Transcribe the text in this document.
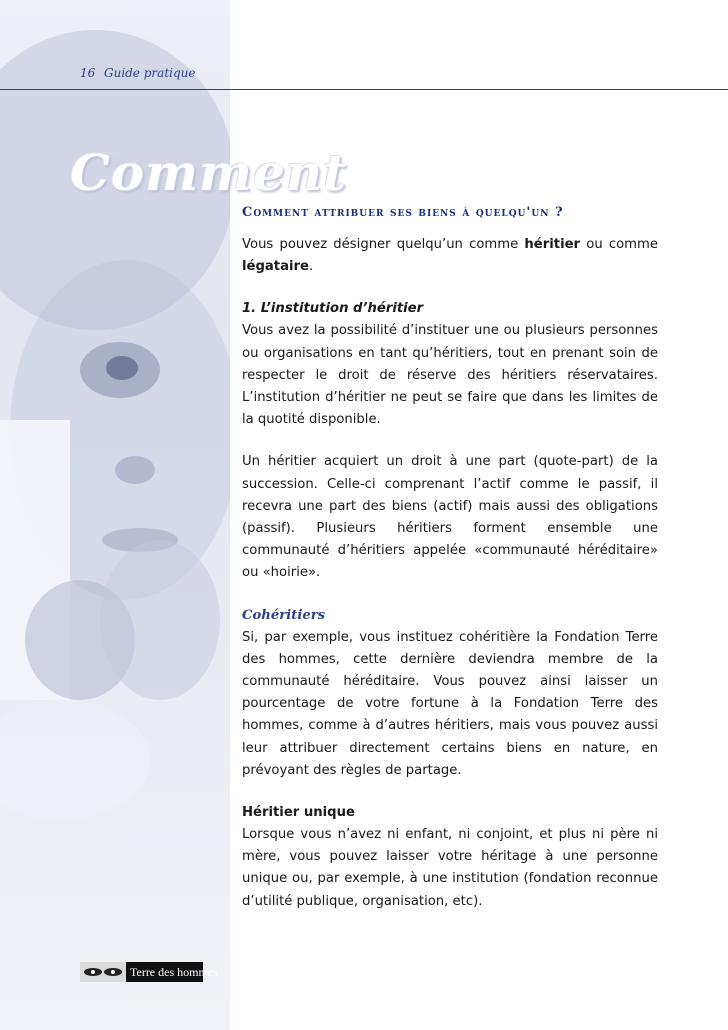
16 Guide pratique
Comment
Comment attribuer ses biens à quelqu'un ?

Vous pouvez désigner quelqu’un comme héritier ou comme légataire.

1. L’institution d’héritier

Vous avez la possibilité d’instituer une ou plusieurs personnes ou organisations en tant qu’héritiers, tout en prenant soin de respecter le droit de réserve des héritiers réservataires. L’institution d’héritier ne peut se faire que dans les limites de la quotité disponible.

Un héritier acquiert un droit à une part (quote-part) de la succession. Celle-ci comprenant l’actif comme le passif, il recevra une part des biens (actif) mais aussi des obligations (passif). Plusieurs héritiers forment ensemble une communauté d’héritiers appelée «communauté héréditaire» ou «hoirie».

Cohéritiers

Si, par exemple, vous instituez cohéritière la Fondation Terre des hommes, cette dernière deviendra membre de la communauté héréditaire. Vous pouvez ainsi laisser un pourcentage de votre fortune à la Fondation Terre des hommes, comme à d’autres héritiers, mais vous pouvez aussi leur attribuer directement certains biens en nature, en prévoyant des règles de partage.

Héritier unique

Lorsque vous n’avez ni enfant, ni conjoint, et plus ni père ni mère, vous pouvez laisser votre héritage à une personne unique ou, par exemple, à une institution (fondation reconnue d’utilité publique, organisation, etc).

Terre des hommes
